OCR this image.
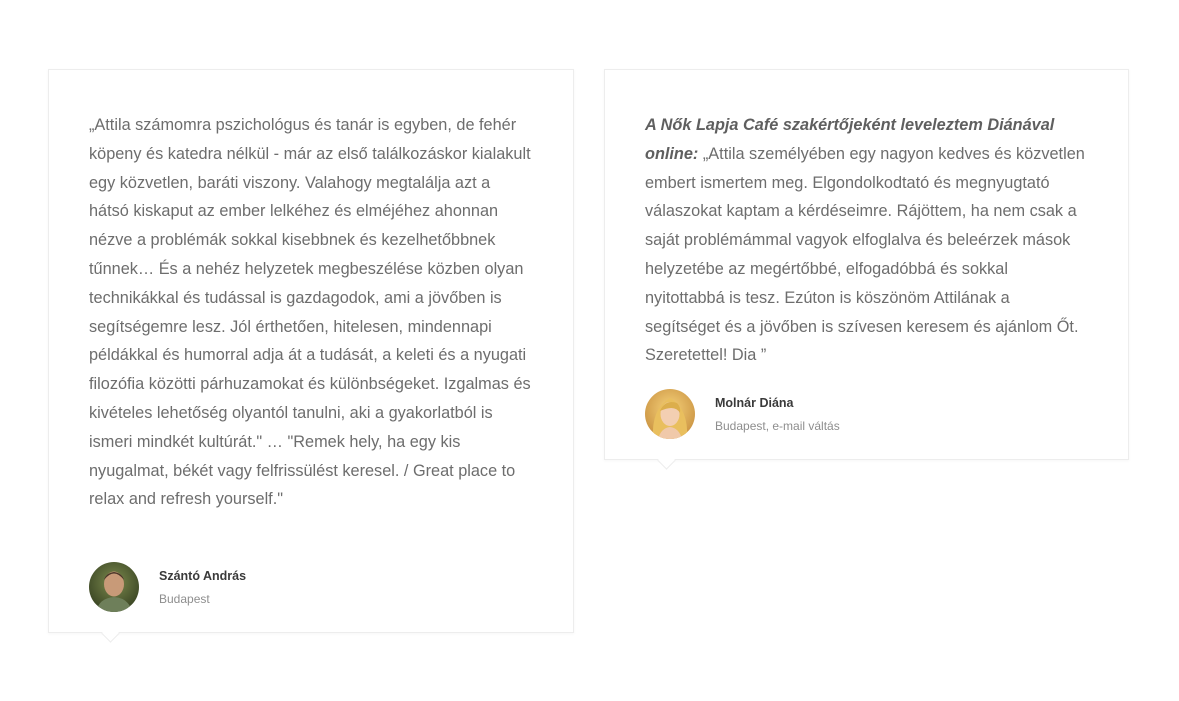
„Attila számomra pszichológus és tanár is egyben, de fehér köpeny és katedra nélkül - már az első találkozáskor kialakult egy közvetlen, baráti viszony. Valahogy megtalálja azt a hátsó kiskaput az ember lelkéhez és elméjéhez ahonnan nézve a problémák sokkal kisebbnek és kezelhetőbbnek tűnnek… És a nehéz helyzetek megbeszélése közben olyan technikákkal és tudással is gazdagodok, ami a jövőben is segítségemre lesz. Jól érthetően, hitelesen, mindennapi példákkal és humorral adja át a tudását, a keleti és a nyugati filozófia közötti párhuzamokat és különbségeket. Izgalmas és kivételes lehetőség olyantól tanulni, aki a gyakorlatból is ismeri mindkét kultúrát." … "Remek hely, ha egy kis nyugalmat, békét vagy felfrissülést keresel. / Great place to relax and refresh yourself."

Szántó András
Budapest

A Nők Lapja Café szakértőjeként leveleztem Diánával online: „Attila személyében egy nagyon kedves és közvetlen embert ismertem meg. Elgondolkodtató és megnyugtató válaszokat kaptam a kérdéseimre. Rájöttem, ha nem csak a saját problémámmal vagyok elfoglalva és beleérzek mások helyzetébe az megértőbbé, elfogadóbbá és sokkal nyitottabbá is tesz. Ezúton is köszönöm Attilának a segítséget és a jövőben is szívesen keresem és ajánlom Őt. Szeretettel! Dia ”

Molnár Diána
Budapest, e-mail váltás
